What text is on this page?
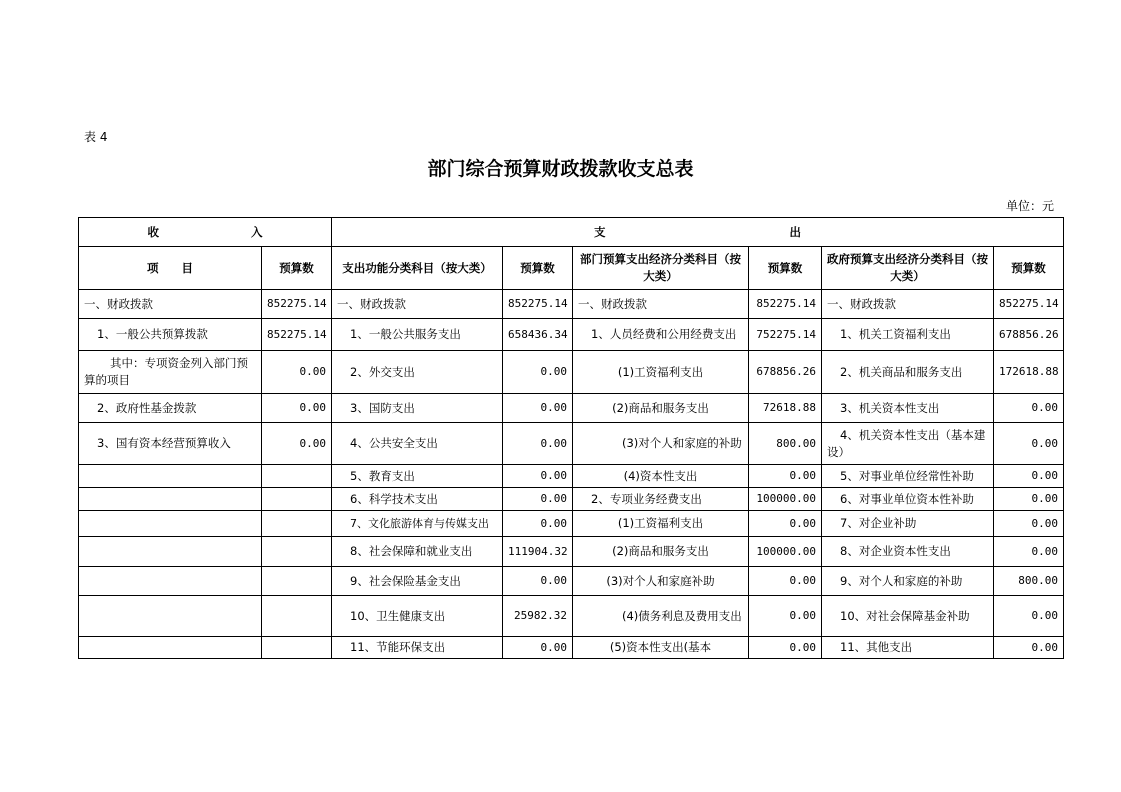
表 4
部门综合预算财政拨款收支总表
单位：元
收　　　　　　　　入		支　　　　　　　　　　　　　　　　出					
项　　目	预算数	支出功能分类科目（按大类）	预算数	部门预算支出经济分类科目（按大类）	预算数	政府预算支出经济分类科目（按大类）	预算数
一、财政拨款	852275.14	一、财政拨款	852275.14	一、财政拨款	852275.14	一、财政拨款	852275.14
1、一般公共预算拨款	852275.14	1、一般公共服务支出	658436.34	1、人员经费和公用经费支出	752275.14	1、机关工资福利支出	678856.26
其中：专项资金列入部门预算的项目	0.00	2、外交支出	0.00	(1)工资福利支出	678856.26	2、机关商品和服务支出	172618.88
2、政府性基金拨款	0.00	3、国防支出	0.00	(2)商品和服务支出	72618.88	3、机关资本性支出	0.00
3、国有资本经营预算收入	0.00	4、公共安全支出	0.00	(3)对个人和家庭的补助	800.00	4、机关资本性支出（基本建设）	0.00
		5、教育支出	0.00	(4)资本性支出	0.00	5、对事业单位经常性补助	0.00
		6、科学技术支出	0.00	2、专项业务经费支出	100000.00	6、对事业单位资本性补助	0.00
		7、文化旅游体育与传媒支出	0.00	(1)工资福利支出	0.00	7、对企业补助	0.00
		8、社会保障和就业支出	111904.32	(2)商品和服务支出	100000.00	8、对企业资本性支出	0.00
		9、社会保险基金支出	0.00	(3)对个人和家庭补助	0.00	9、对个人和家庭的补助	800.00
		10、卫生健康支出	25982.32	(4)债务利息及费用支出	0.00	10、对社会保障基金补助	0.00
		11、节能环保支出	0.00	(5)资本性支出(基本	0.00	11、其他支出	0.00
